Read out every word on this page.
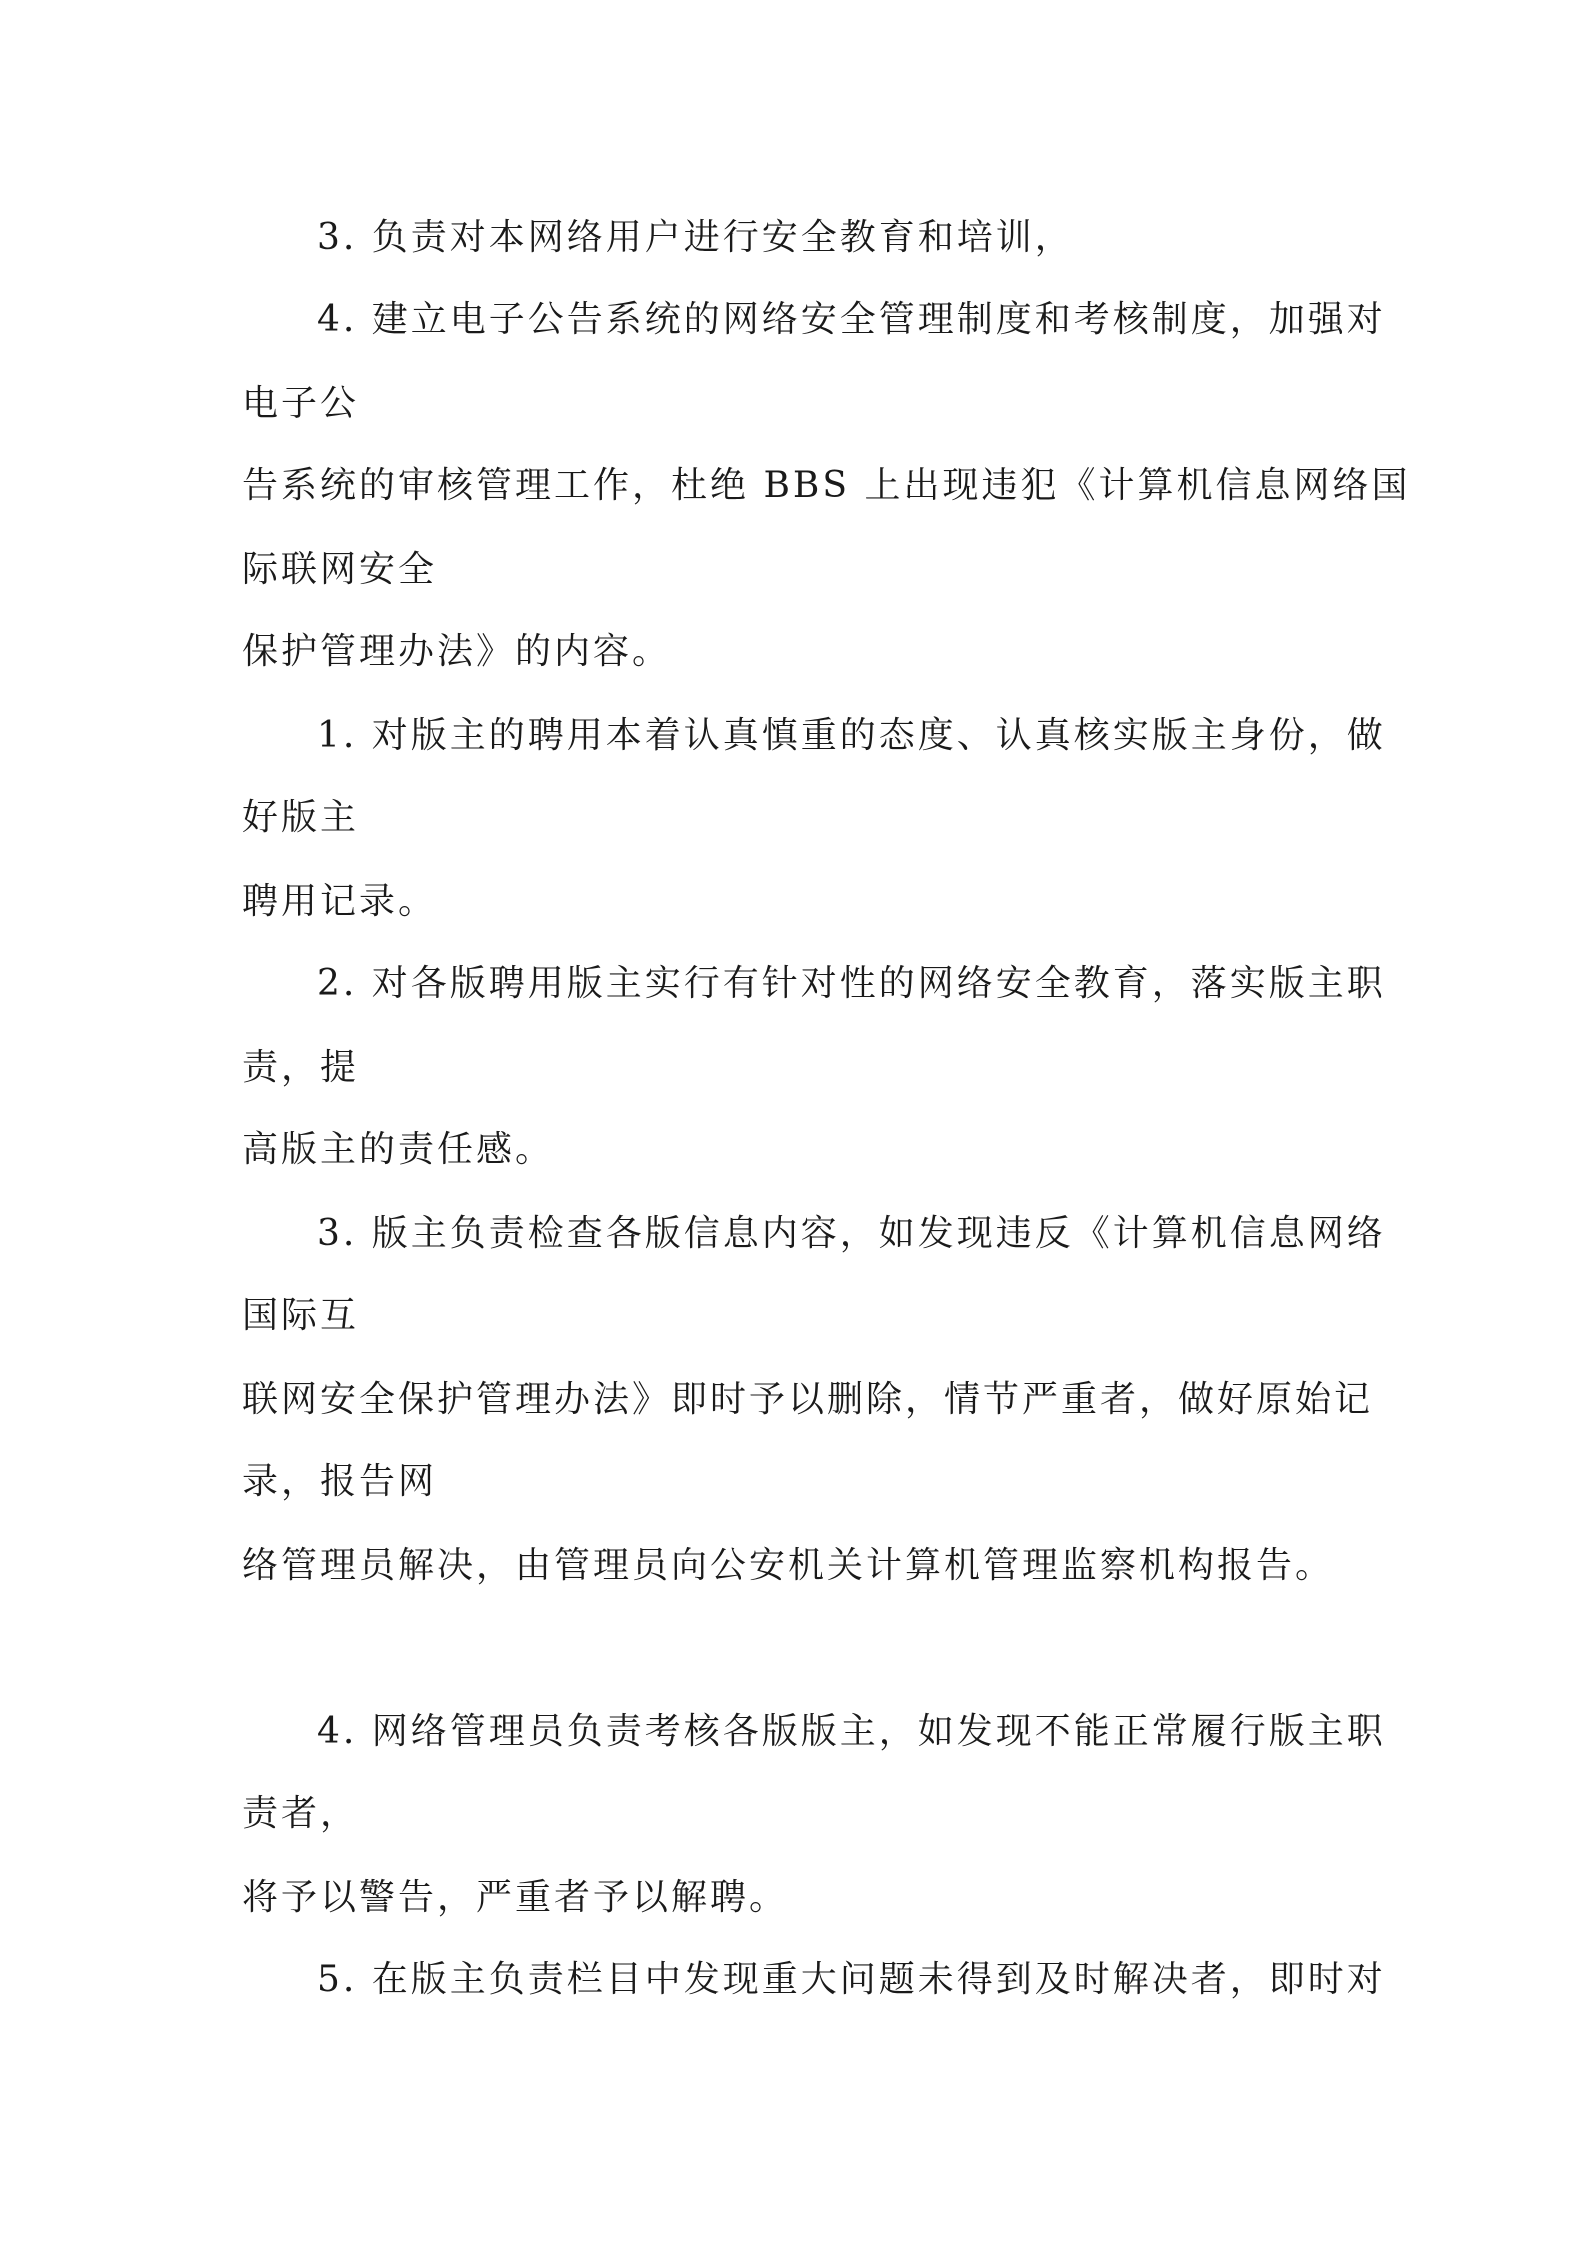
3. 负责对本网络用户进行安全教育和培训，
4. 建立电子公告系统的网络安全管理制度和考核制度，加强对
电子公
告系统的审核管理工作，杜绝 BBS 上出现违犯《计算机信息网络国
际联网安全
保护管理办法》的内容。
1. 对版主的聘用本着认真慎重的态度、认真核实版主身份，做
好版主
聘用记录。
2. 对各版聘用版主实行有针对性的网络安全教育，落实版主职
责，提
高版主的责任感。
3. 版主负责检查各版信息内容，如发现违反《计算机信息网络
国际互
联网安全保护管理办法》即时予以删除，情节严重者，做好原始记
录，报告网
络管理员解决，由管理员向公安机关计算机管理监察机构报告。
4. 网络管理员负责考核各版版主，如发现不能正常履行版主职
责者，
将予以警告，严重者予以解聘。
5. 在版主负责栏目中发现重大问题未得到及时解决者，即时对
